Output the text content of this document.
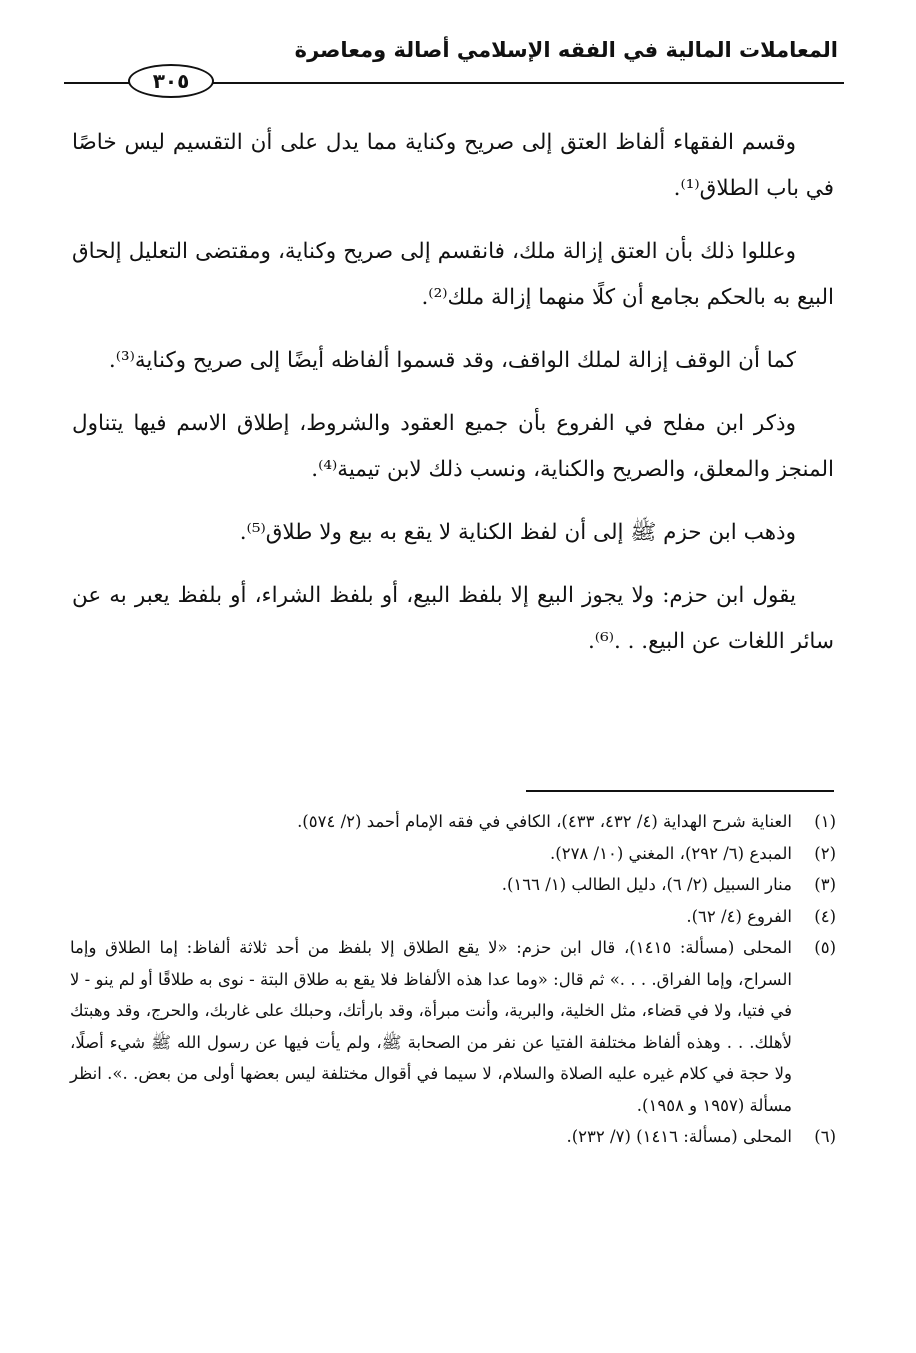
المعاملات المالية في الفقه الإسلامي أصالة ومعاصرة
٣٠٥

وقسم الفقهاء ألفاظ العتق إلى صريح وكناية مما يدل على أن التقسيم ليس خاصًا في باب الطلاق⁽¹⁾.

وعللوا ذلك بأن العتق إزالة ملك، فانقسم إلى صريح وكناية، ومقتضى التعليل إلحاق البيع به بالحكم بجامع أن كلًا منهما إزالة ملك⁽²⁾.

كما أن الوقف إزالة لملك الواقف، وقد قسموا ألفاظه أيضًا إلى صريح وكناية⁽³⁾.

وذكر ابن مفلح في الفروع بأن جميع العقود والشروط، إطلاق الاسم فيها يتناول المنجز والمعلق، والصريح والكناية، ونسب ذلك لابن تيمية⁽⁴⁾.

وذهب ابن حزم ﷺ إلى أن لفظ الكناية لا يقع به بيع ولا طلاق⁽⁵⁾.

يقول ابن حزم: ولا يجوز البيع إلا بلفظ البيع، أو بلفظ الشراء، أو بلفظ يعبر به عن سائر اللغات عن البيع. . .⁽⁶⁾.

(١)
العناية شرح الهداية (٤/ ٤٣٢، ٤٣٣)، الكافي في فقه الإمام أحمد (٢/ ٥٧٤).
(٢)
المبدع (٦/ ٢٩٢)، المغني (١٠/ ٢٧٨).
(٣)
منار السبيل (٢/ ٦)، دليل الطالب (١/ ١٦٦).
(٤)
الفروع (٤/ ٦٢).
(٥)
المحلى (مسألة: ١٤١٥)، قال ابن حزم: «لا يقع الطلاق إلا بلفظ من أحد ثلاثة ألفاظ: إما الطلاق وإما السراح، وإما الفراق. . . .» ثم قال: «وما عدا هذه الألفاظ فلا يقع به طلاق البتة - نوى به طلاقًا أو لم ينو - لا في فتيا، ولا في قضاء، مثل الخلية، والبرية، وأنت مبرأة، وقد بارأتك، وحبلك على غاربك، والحرج، وقد وهبتك لأهلك. . . وهذه ألفاظ مختلفة الفتيا عن نفر من الصحابة ﷺ، ولم يأت فيها عن رسول الله ﷺ شيء أصلًا، ولا حجة في كلام غيره عليه الصلاة والسلام، لا سيما في أقوال مختلفة ليس بعضها أولى من بعض. .». انظر مسألة (١٩٥٧ و ١٩٥٨).
(٦)
المحلى (مسألة: ١٤١٦) (٧/ ٢٣٢).
